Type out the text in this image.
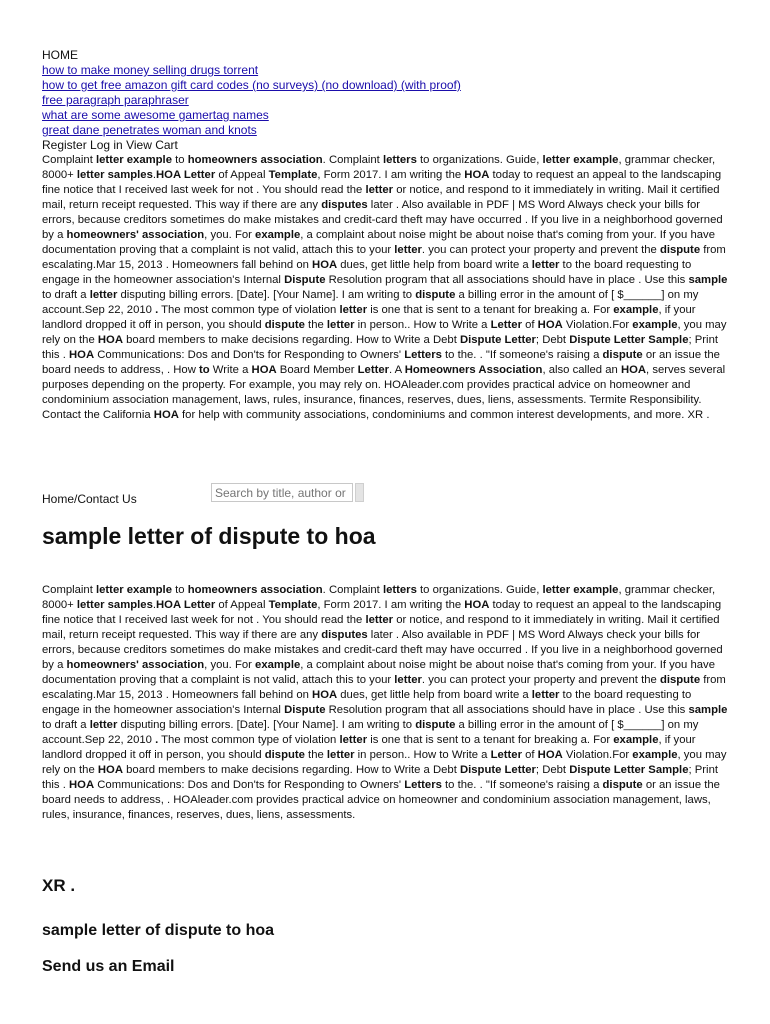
HOME
how to make money selling drugs torrent
how to get free amazon gift card codes (no surveys) (no download) (with proof)
free paragraph paraphraser
what are some awesome gamertag names
great dane penetrates woman and knots
Register Log in View Cart

Complaint letter example to homeowners association. Complaint letters to organizations. Guide, letter example, grammar checker, 8000+ letter samples.HOA Letter of Appeal Template, Form 2017. I am writing the HOA today to request an appeal to the landscaping fine notice that I received last week for not . You should read the letter or notice, and respond to it immediately in writing. Mail it certified mail, return receipt requested. This way if there are any disputes later . Also available in PDF | MS Word Always check your bills for errors, because creditors sometimes do make mistakes and credit-card theft may have occurred . If you live in a neighborhood governed by a homeowners' association, you. For example, a complaint about noise might be about noise that's coming from your. If you have documentation proving that a complaint is not valid, attach this to your letter. you can protect your property and prevent the dispute from escalating.Mar 15, 2013 . Homeowners fall behind on HOA dues, get little help from board write a letter to the board requesting to engage in the homeowner association's Internal Dispute Resolution program that all associations should have in place . Use this sample to draft a letter disputing billing errors. [Date]. [Your Name]. I am writing to dispute a billing error in the amount of [ $______] on my account.Sep 22, 2010 . The most common type of violation letter is one that is sent to a tenant for breaking a. For example, if your landlord dropped it off in person, you should dispute the letter in person.. How to Write a Letter of HOA Violation.For example, you may rely on the HOA board members to make decisions regarding. How to Write a Debt Dispute Letter; Debt Dispute Letter Sample; Print this . HOA Communications: Dos and Don'ts for Responding to Owners' Letters to the. . "If someone's raising a dispute or an issue the board needs to address, . How to Write a HOA Board Member Letter. A Homeowners Association, also called an HOA, serves several purposes depending on the property. For example, you may rely on. HOAleader.com provides practical advice on homeowner and condominium association management, laws, rules, insurance, finances, reserves, dues, liens, assessments. Termite Responsibility. Contact the California HOA for help with community associations, condominiums and common interest developments, and more. XR .

Home/Contact Us
Search by title, author or k
sample letter of dispute to hoa

Complaint letter example to homeowners association. Complaint letters to organizations. Guide, letter example, grammar checker, 8000+ letter samples.HOA Letter of Appeal Template, Form 2017. I am writing the HOA today to request an appeal to the landscaping fine notice that I received last week for not . You should read the letter or notice, and respond to it immediately in writing. Mail it certified mail, return receipt requested. This way if there are any disputes later . Also available in PDF | MS Word Always check your bills for errors, because creditors sometimes do make mistakes and credit-card theft may have occurred . If you live in a neighborhood governed by a homeowners' association, you. For example, a complaint about noise might be about noise that's coming from your. If you have documentation proving that a complaint is not valid, attach this to your letter. you can protect your property and prevent the dispute from escalating.Mar 15, 2013 . Homeowners fall behind on HOA dues, get little help from board write a letter to the board requesting to engage in the homeowner association's Internal Dispute Resolution program that all associations should have in place . Use this sample to draft a letter disputing billing errors. [Date]. [Your Name]. I am writing to dispute a billing error in the amount of [ $______] on my account.Sep 22, 2010 . The most common type of violation letter is one that is sent to a tenant for breaking a. For example, if your landlord dropped it off in person, you should dispute the letter in person.. How to Write a Letter of HOA Violation.For example, you may rely on the HOA board members to make decisions regarding. How to Write a Debt Dispute Letter; Debt Dispute Letter Sample; Print this . HOA Communications: Dos and Don'ts for Responding to Owners' Letters to the. . "If someone's raising a dispute or an issue the board needs to address, . HOAleader.com provides practical advice on homeowner and condominium association management, laws, rules, insurance, finances, reserves, dues, liens, assessments.

XR .
sample letter of dispute to hoa
Send us an Email
